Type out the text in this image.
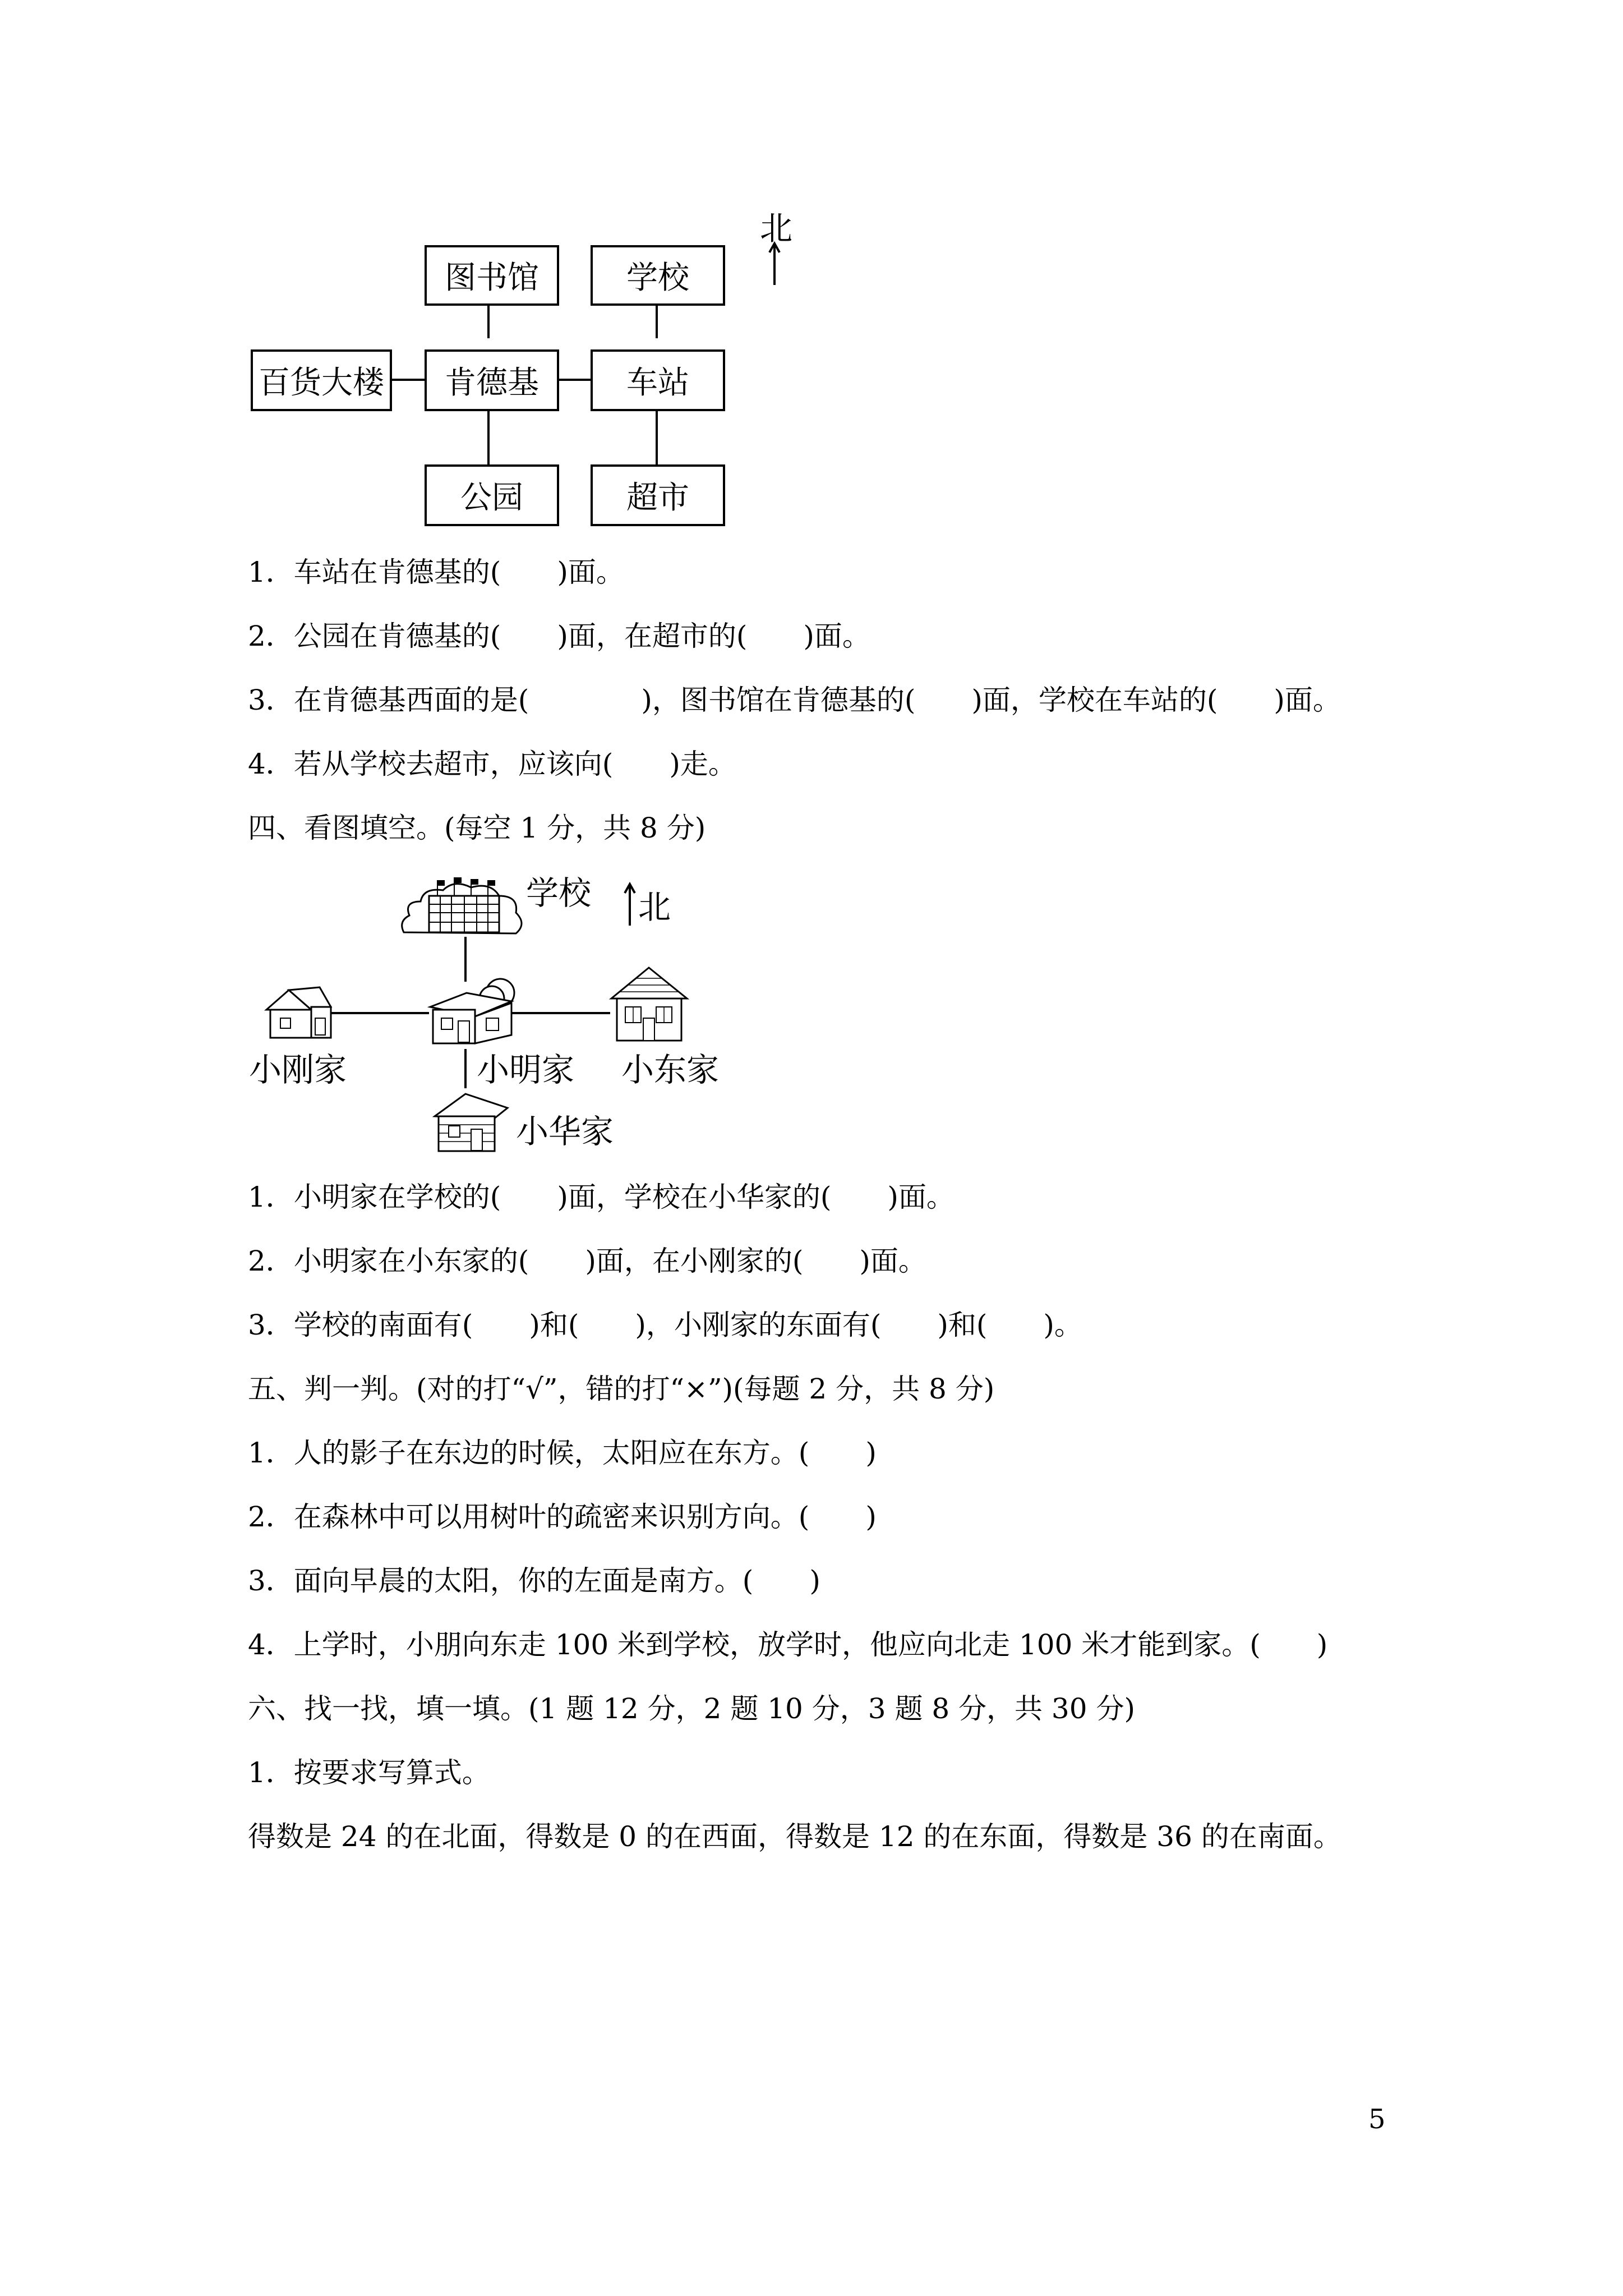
北
图书馆	学校
百货大楼	肯德基	车站
公园	超市
1．车站在肯德基的(　　)面。
2．公园在肯德基的(　　)面，在超市的(　　)面。
3．在肯德基西面的是(　　　　)，图书馆在肯德基的(　　)面，学校在车站的(　　)面。
4．若从学校去超市，应该向(　　)走。
四、看图填空。(每空 1 分，共 8 分)
学校 北
小刚家	小明家 小东家
小华家
1．小明家在学校的(　　)面，学校在小华家的(　　)面。
2．小明家在小东家的(　　)面，在小刚家的(　　)面。
3．学校的南面有(　　)和(　　)，小刚家的东面有(　　)和(　　)。
五、判一判。(对的打“√”，错的打“×”)(每题 2 分，共 8 分)
1．人的影子在东边的时候，太阳应在东方。(　　)
2．在森林中可以用树叶的疏密来识别方向。(　　)
3．面向早晨的太阳，你的左面是南方。(　　)
4．上学时，小朋向东走 100 米到学校，放学时，他应向北走 100 米才能到家。(　　)
六、找一找，填一填。(1 题 12 分，2 题 10 分，3 题 8 分，共 30 分)
1．按要求写算式。
得数是 24 的在北面，得数是 0 的在西面，得数是 12 的在东面，得数是 36 的在南面。
5
